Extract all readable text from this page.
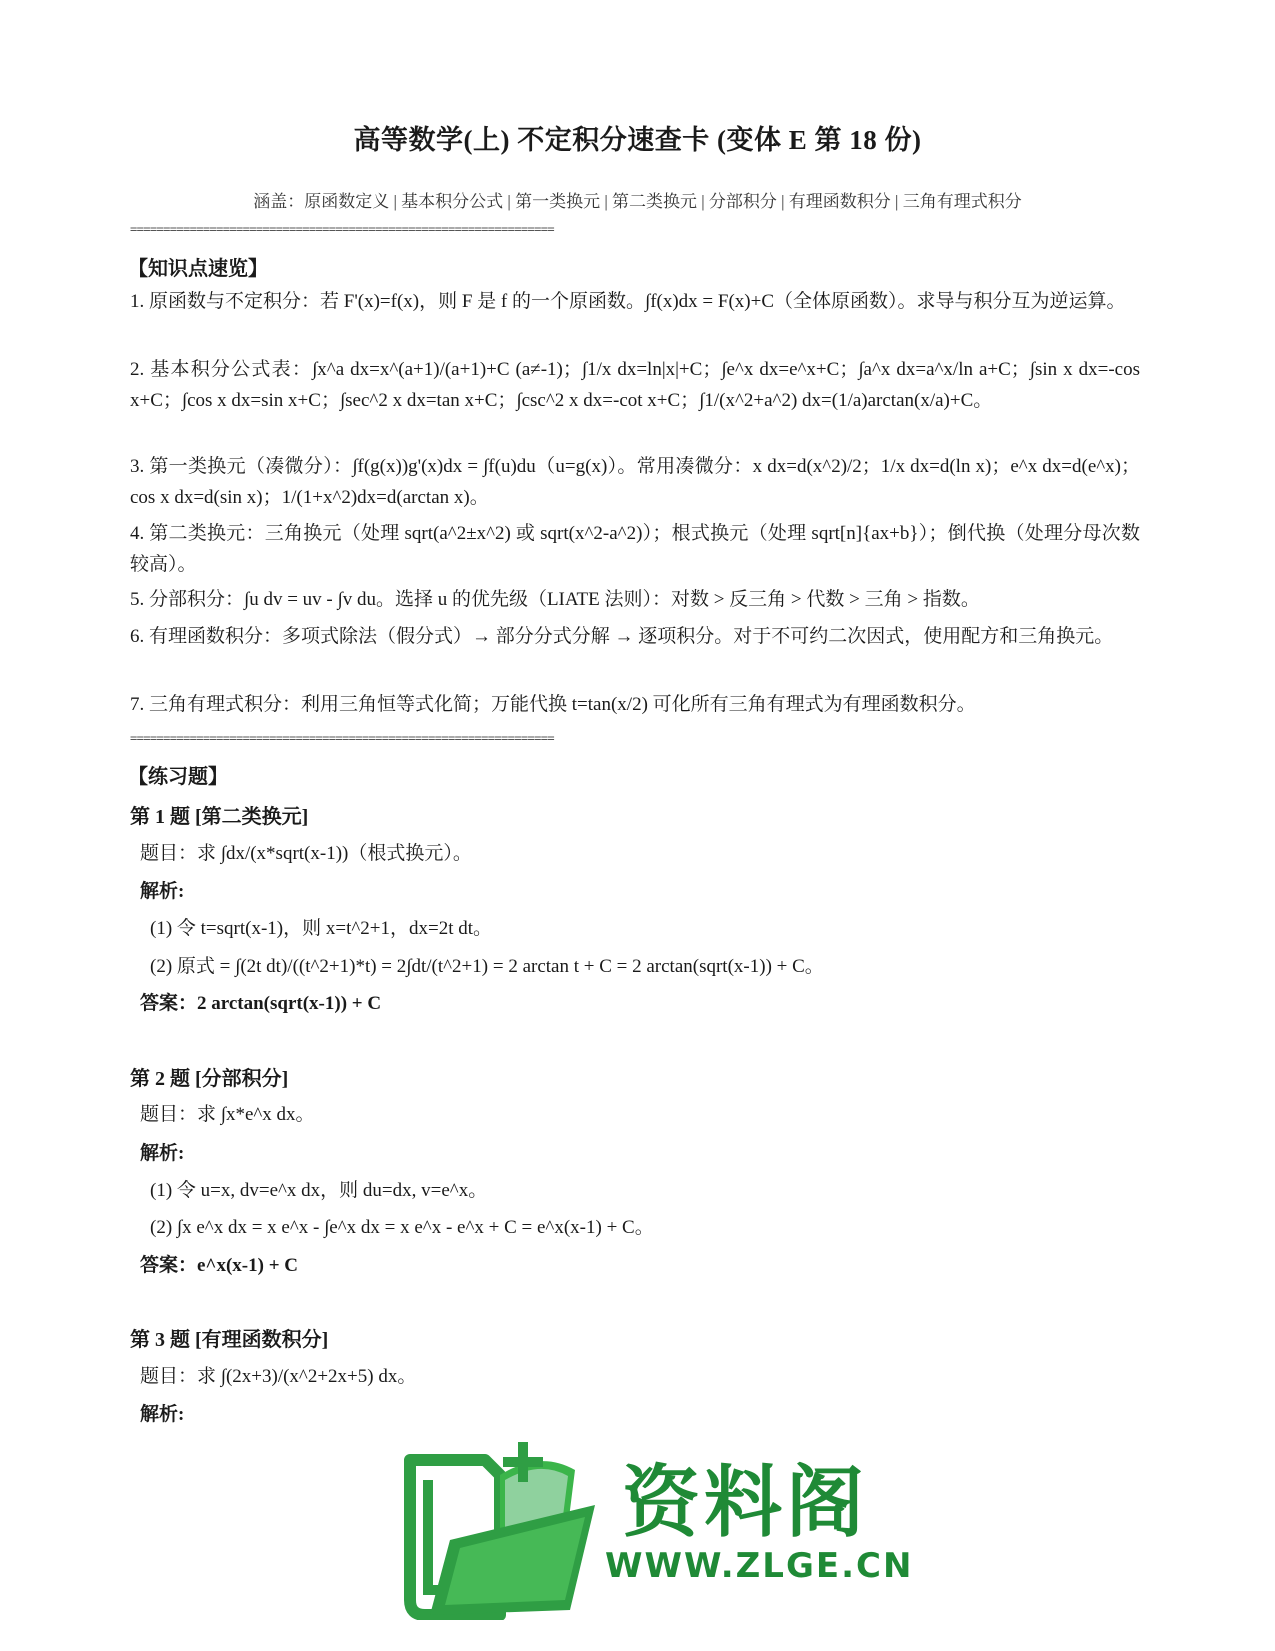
高等数学(上) 不定积分速查卡 (变体 E 第 18 份)
涵盖：原函数定义 | 基本积分公式 | 第一类换元 | 第二类换元 | 分部积分 | 有理函数积分 | 三角有理式积分
================================================================
【知识点速览】
1. 原函数与不定积分：若 F'(x)=f(x)，则 F 是 f 的一个原函数。∫f(x)dx = F(x)+C（全体原函数）。求导与积分互为逆运算。
2. 基本积分公式表：∫x^a dx=x^(a+1)/(a+1)+C (a≠-1)；∫1/x dx=ln|x|+C；∫e^x dx=e^x+C；∫a^x dx=a^x/ln a+C；∫sin x dx=-cos x+C；∫cos x dx=sin x+C；∫sec^2 x dx=tan x+C；∫csc^2 x dx=-cot x+C；∫1/(x^2+a^2) dx=(1/a)arctan(x/a)+C。
3. 第一类换元（凑微分）：∫f(g(x))g'(x)dx = ∫f(u)du（u=g(x)）。常用凑微分：x dx=d(x^2)/2；1/x dx=d(ln x)；e^x dx=d(e^x)；cos x dx=d(sin x)；1/(1+x^2)dx=d(arctan x)。
4. 第二类换元：三角换元（处理 sqrt(a^2±x^2) 或 sqrt(x^2-a^2)）；根式换元（处理 sqrt[n]{ax+b}）；倒代换（处理分母次数较高）。
5. 分部积分：∫u dv = uv - ∫v du。选择 u 的优先级（LIATE 法则）：对数 > 反三角 > 代数 > 三角 > 指数。
6. 有理函数积分：多项式除法（假分式）→ 部分分式分解 → 逐项积分。对于不可约二次因式，使用配方和三角换元。
7. 三角有理式积分：利用三角恒等式化简；万能代换 t=tan(x/2) 可化所有三角有理式为有理函数积分。
================================================================
【练习题】
第 1 题 [第二类换元]
题目：求 ∫dx/(x*sqrt(x-1))（根式换元）。
解析:
(1) 令 t=sqrt(x-1)，则 x=t^2+1，dx=2t dt。
(2) 原式 = ∫(2t dt)/((t^2+1)*t) = 2∫dt/(t^2+1) = 2 arctan t + C = 2 arctan(sqrt(x-1)) + C。
答案：2 arctan(sqrt(x-1)) + C
第 2 题 [分部积分]
题目：求 ∫x*e^x dx。
解析:
(1) 令 u=x, dv=e^x dx，则 du=dx, v=e^x。
(2) ∫x e^x dx = x e^x - ∫e^x dx = x e^x - e^x + C = e^x(x-1) + C。
答案：e^x(x-1) + C
第 3 题 [有理函数积分]
题目：求 ∫(2x+3)/(x^2+2x+5) dx。
解析:
资料阁
WWW.ZLGE.CN
